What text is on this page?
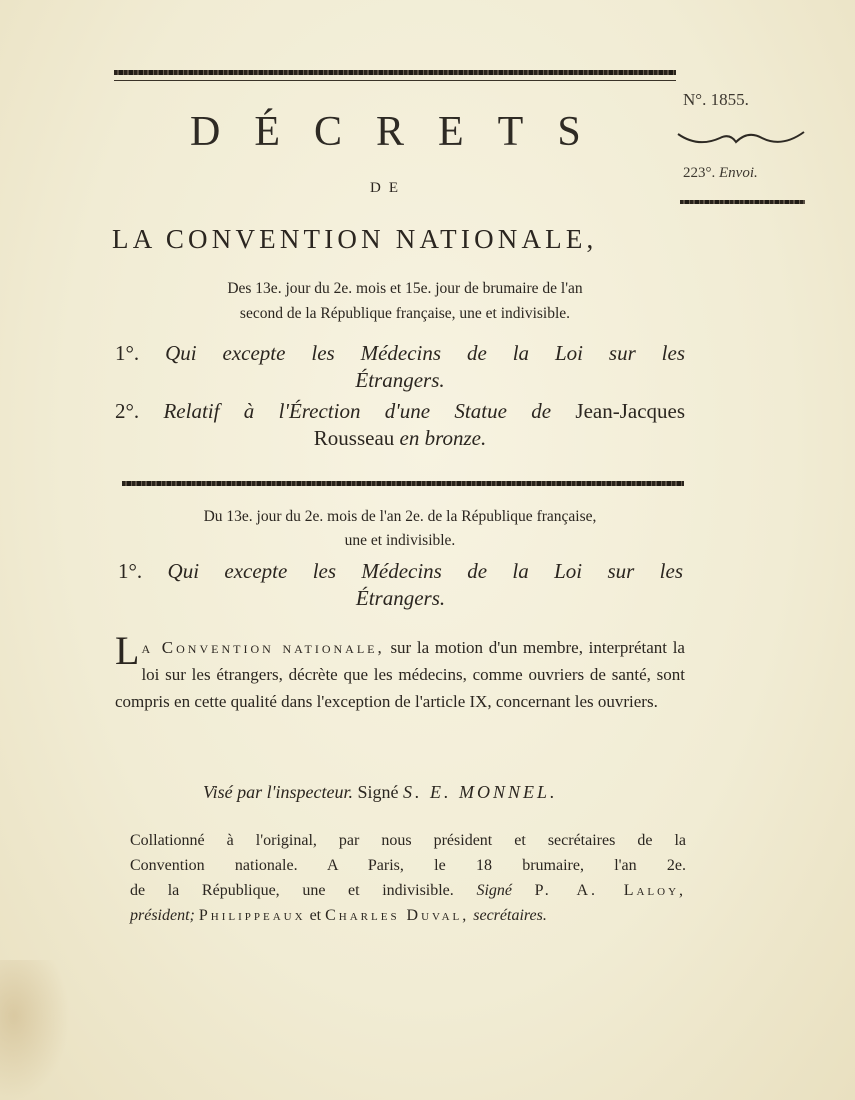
DÉCRETS
DE
N°. 1855.
223°. Envoi.
LA CONVENTION NATIONALE,
Des 13e. jour du 2e. mois et 15e. jour de brumaire de l'an
second de la République française, une et indivisible.
1°. Qui excepte les Médecins de la Loi sur les
Étrangers.
2°. Relatif à l'Érection d'une Statue de Jean-Jacques
Rousseau en bronze.
Du 13e. jour du 2e. mois de l'an 2e. de la République française,
une et indivisible.
1°. Qui excepte les Médecins de la Loi sur les
Étrangers.
L a Convention nationale, sur la motion d'un membre, interprétant la loi sur les étrangers, décrète que les médecins, comme ouvriers de santé, sont compris en cette qualité dans l'exception de l'article IX, concernant les ouvriers.
Visé par l'inspecteur. Signé S. E. MONNEL.
Collationné à l'original, par nous président et secrétaires de la
Convention nationale. A Paris, le 18 brumaire, l'an 2e.
de la République, une et indivisible. Signé P. A. Laloy,
président; Philippeaux et Charles Duval, secrétaires.
